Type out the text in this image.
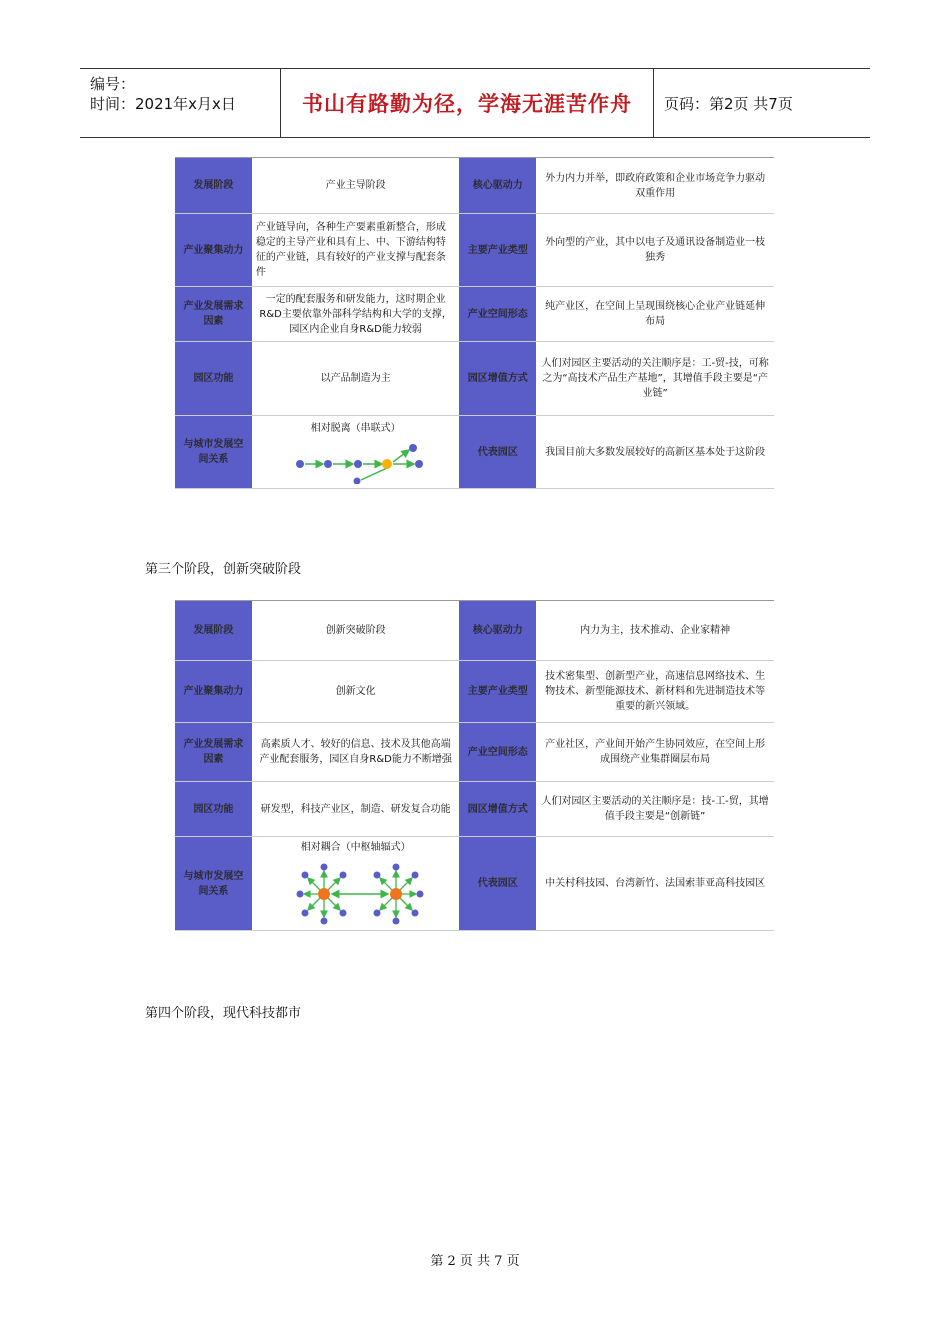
编号：
时间：2021年x月x日	书山有路勤为径，学海无涯苦作舟 页码：第2页 共7页
发展阶段	产业主导阶段	核心驱动力	外力内力并举，即政府政策和企业市场竞争力驱动双重作用
产业聚集动力	产业链导向，各种生产要素重新整合，形成稳定的主导产业和具有上、中、下游结构特征的产业链，具有较好的产业支撑与配套条件	主要产业类型	外向型的产业，其中以电子及通讯设备制造业一枝独秀
产业发展需求因素	一定的配套服务和研发能力，这时期企业R&D主要依靠外部科学结构和大学的支撑，园区内企业自身R&D能力较弱	产业空间形态	纯产业区，在空间上呈现围绕核心企业产业链延伸布局
园区功能	以产品制造为主	园区增值方式	人们对园区主要活动的关注顺序是：工-贸-技，可称之为“高技术产品生产基地”，其增值手段主要是“产业链”
与城市发展空间关系	相对脱离（串联式）	代表园区	我国目前大多数发展较好的高新区基本处于这阶段
第三个阶段，创新突破阶段
发展阶段	创新突破阶段	核心驱动力	内力为主，技术推动、企业家精神
产业聚集动力	创新文化	主要产业类型	技术密集型、创新型产业，高速信息网络技术、生物技术、新型能源技术、新材料和先进制造技术等重要的新兴领域。
产业发展需求因素	高素质人才、较好的信息、技术及其他高端产业配套服务，园区自身R&D能力不断增强	产业空间形态	产业社区，产业间开始产生协同效应，在空间上形成围绕产业集群圈层布局
园区功能	研发型，科技产业区，制造、研发复合功能	园区增值方式	人们对园区主要活动的关注顺序是：技-工-贸，其增值手段主要是“创新链”
与城市发展空间关系	相对耦合（中枢轴辐式）	代表园区	中关村科技园、台湾新竹、法国索菲亚高科技园区
第四个阶段，现代科技都市
第 2 页 共 7 页
